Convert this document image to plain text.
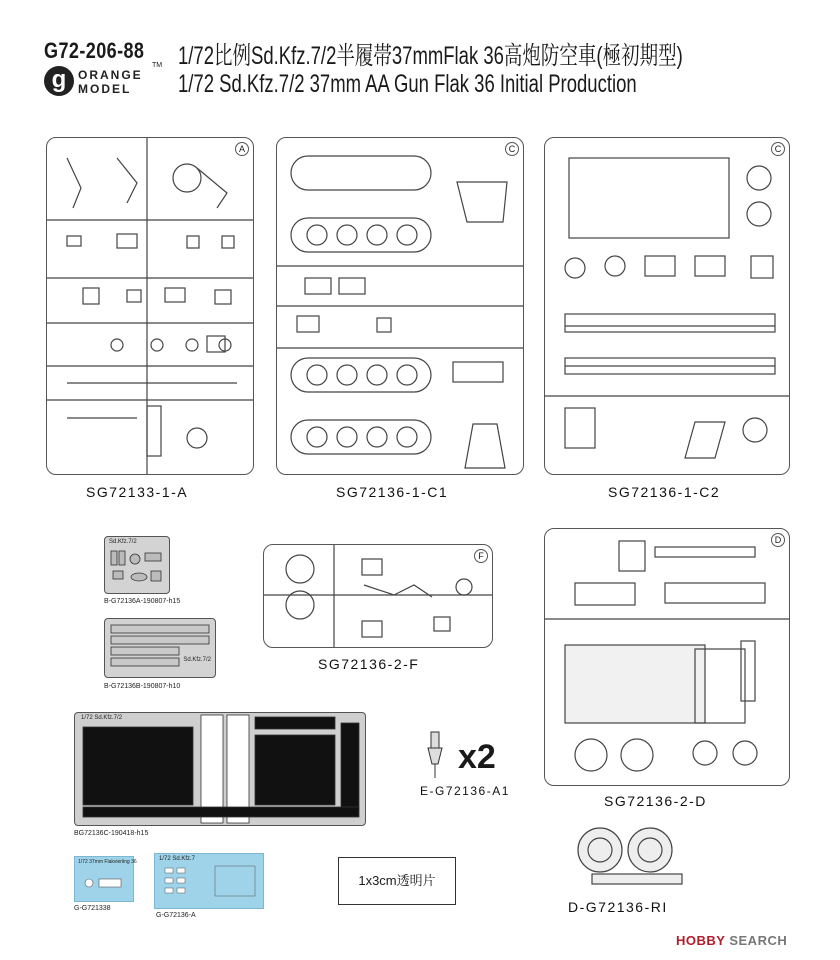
G72-206-88 1/72比例Sd.Kfz.7/2半履帯37mmFlak 36高炮防空車(極初期型)
1/72 Sd.Kfz.7/2 37mm AA Gun Flak 36 Initial Production
g ORANGE
MODEL
TM
A
SG72133-1-A
C
SG72136-1-C1
C
SG72136-1-C2
Sd.Kfz.7/2
B-G72136A-190807-h15
Sd.Kfz.7/2
B-G72136B-190807-h10
F
SG72136-2-F
1/72 Sd.Kfz.7/2
BG72136C-190418-h15
x2
E-G72136-A1
D
SG72136-2-D
1/72 37mm Flakvierling 36
G-G721338
1/72 Sd.Kfz.7
G-G72136-A
1x3cm透明片
D-G72136-RI
HOBBY SEARCH
